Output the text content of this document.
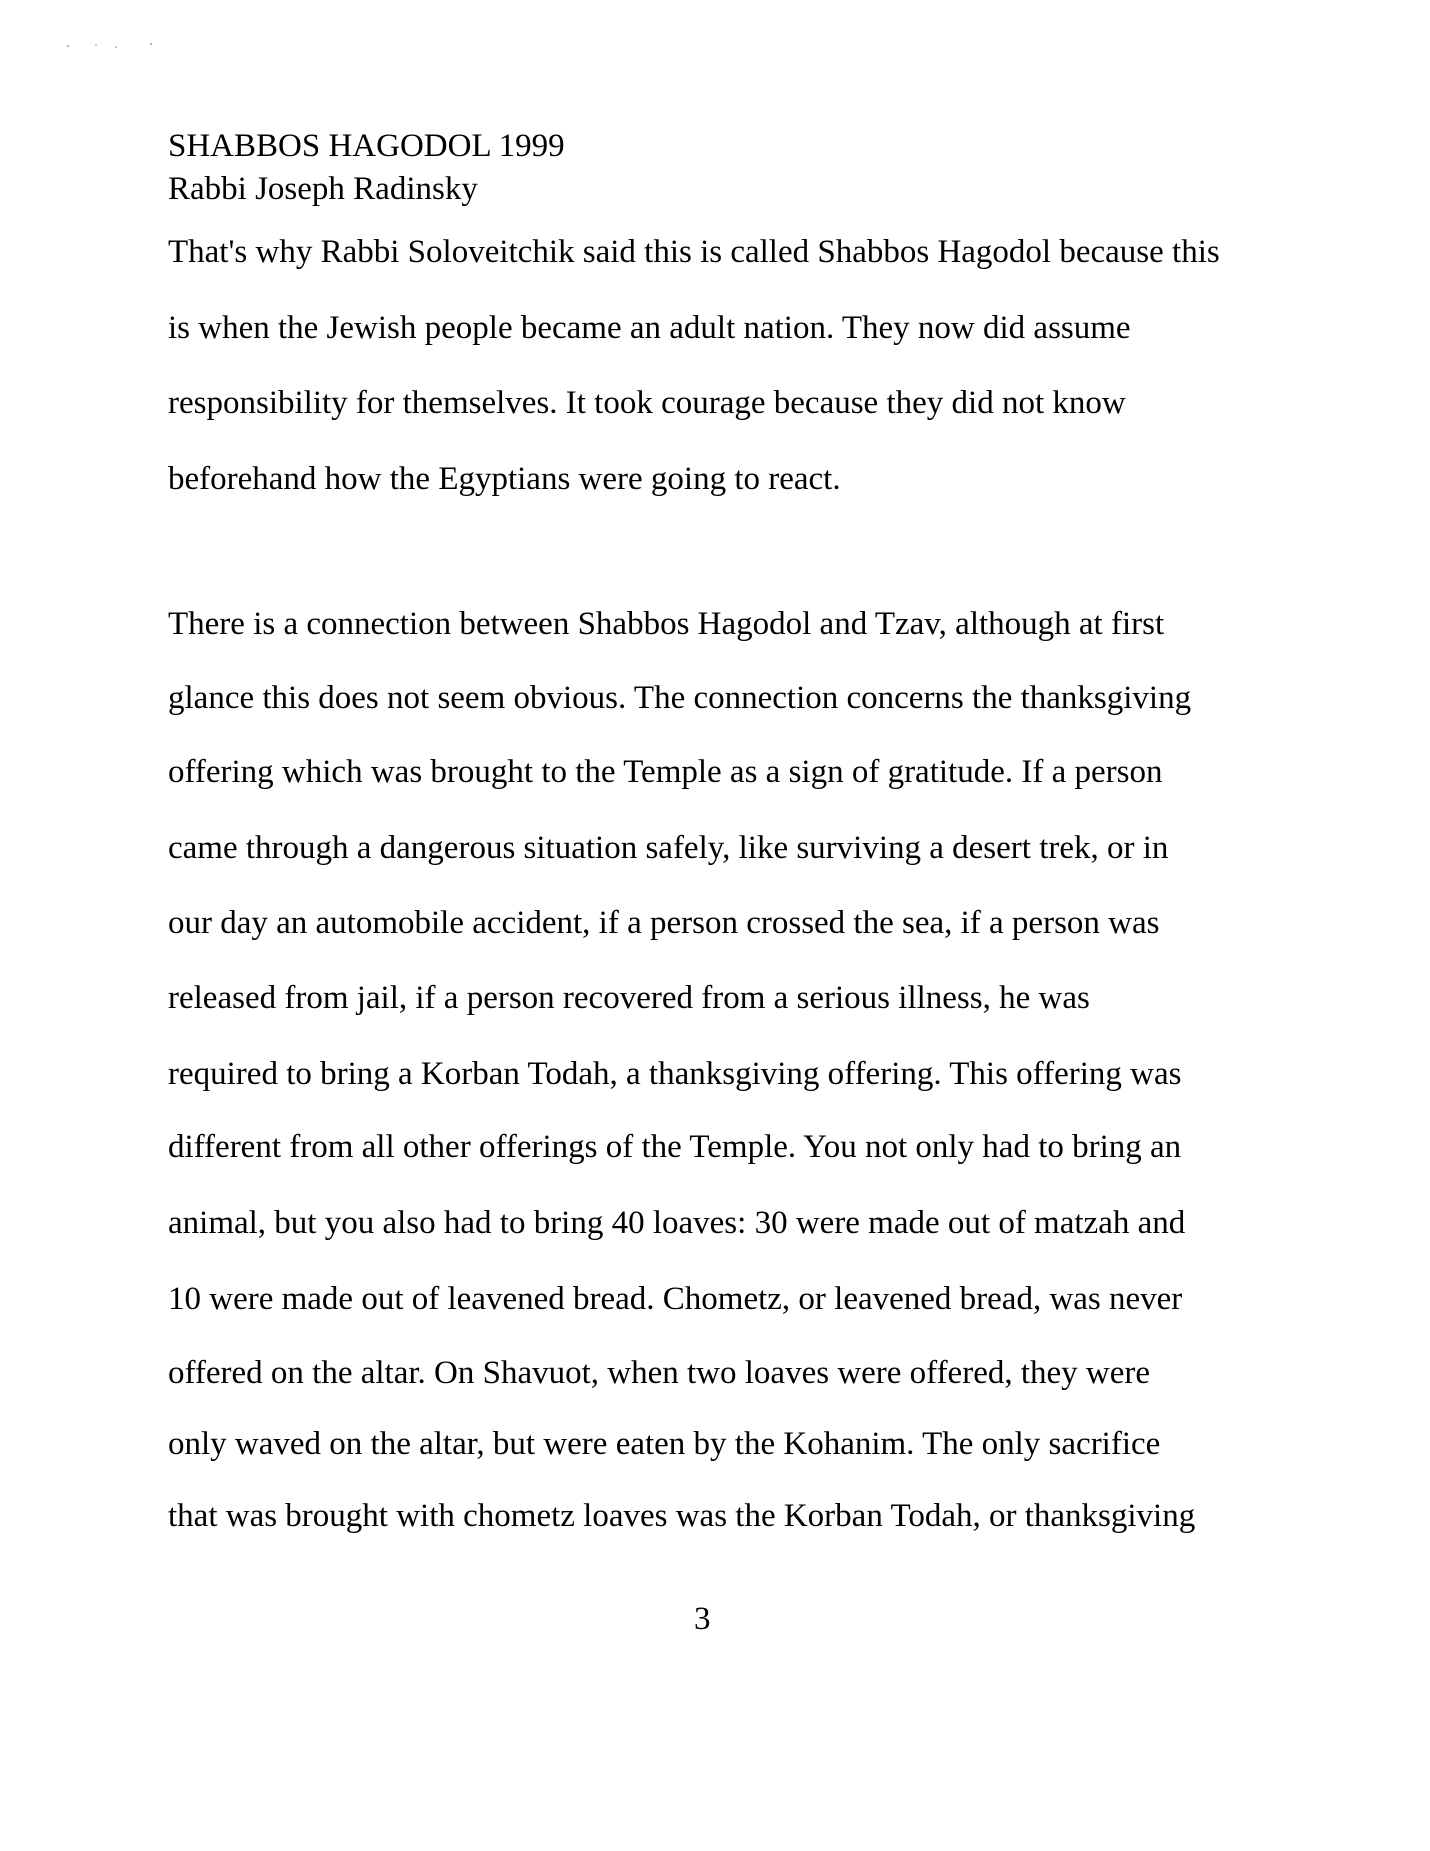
SHABBOS HAGODOL 1999
Rabbi Joseph Radinsky
That's why Rabbi Soloveitchik said this is called Shabbos Hagodol because this
is when the Jewish people became an adult nation. They now did assume
responsibility for themselves. It took courage because they did not know
beforehand how the Egyptians were going to react.
There is a connection between Shabbos Hagodol and Tzav, although at first
glance this does not seem obvious. The connection concerns the thanksgiving
offering which was brought to the Temple as a sign of gratitude. If a person
came through a dangerous situation safely, like surviving a desert trek, or in
our day an automobile accident, if a person crossed the sea, if a person was
released from jail, if a person recovered from a serious illness, he was
required to bring a Korban Todah, a thanksgiving offering. This offering was
different from all other offerings of the Temple. You not only had to bring an
animal, but you also had to bring 40 loaves: 30 were made out of matzah and
10 were made out of leavened bread. Chometz, or leavened bread, was never
offered on the altar. On Shavuot, when two loaves were offered, they were
only waved on the altar, but were eaten by the Kohanim. The only sacrifice
that was brought with chometz loaves was the Korban Todah, or thanksgiving
3
